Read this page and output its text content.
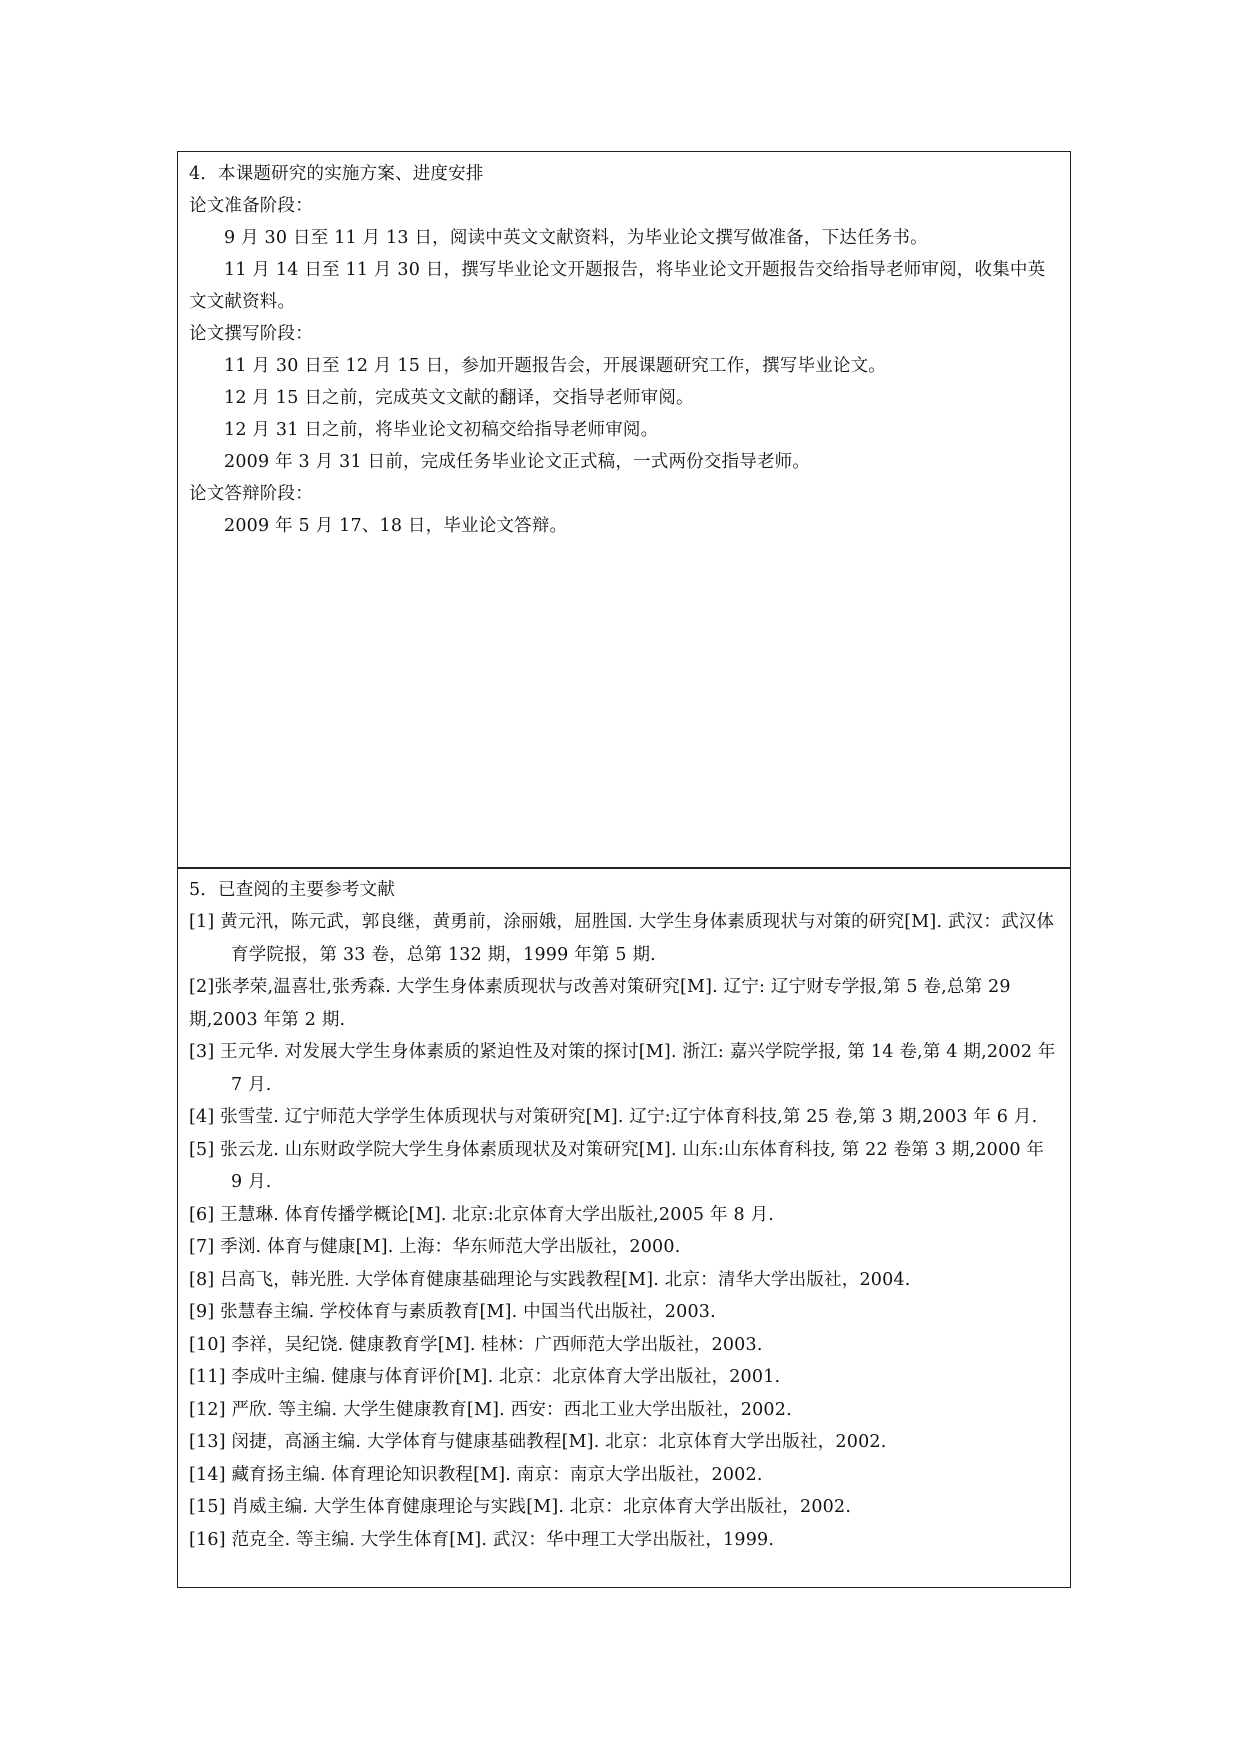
4．本课题研究的实施方案、进度安排
论文准备阶段：
9 月 30 日至 11 月 13 日，阅读中英文文献资料，为毕业论文撰写做准备，下达任务书。
11 月 14 日至 11 月 30 日，撰写毕业论文开题报告，将毕业论文开题报告交给指导老师审阅，收集中英文文献资料。
论文撰写阶段：
11 月 30 日至 12 月 15 日，参加开题报告会，开展课题研究工作，撰写毕业论文。
12 月 15 日之前，完成英文文献的翻译，交指导老师审阅。
12 月 31 日之前，将毕业论文初稿交给指导老师审阅。
2009 年 3 月 31 日前，完成任务毕业论文正式稿，一式两份交指导老师。
论文答辩阶段：
2009 年 5 月 17、18 日，毕业论文答辩。
5．已查阅的主要参考文献
[1] 黄元汛，陈元武，郭良继，黄勇前，涂丽娥，屈胜国. 大学生身体素质现状与对策的研究[M]. 武汉：武汉体育学院报，第 33 卷，总第 132 期，1999 年第 5 期.
[2]张孝荣,温喜壮,张秀森. 大学生身体素质现状与改善对策研究[M]. 辽宁: 辽宁财专学报,第 5 卷,总第 29 期,2003 年第 2 期.
[3] 王元华. 对发展大学生身体素质的紧迫性及对策的探讨[M]. 浙江: 嘉兴学院学报, 第 14 卷,第 4 期,2002 年 7 月.
[4] 张雪莹. 辽宁师范大学学生体质现状与对策研究[M]. 辽宁:辽宁体育科技,第 25 卷,第 3 期,2003 年 6 月.
[5] 张云龙. 山东财政学院大学生身体素质现状及对策研究[M]. 山东:山东体育科技, 第 22 卷第 3 期,2000 年 9 月.
[6] 王慧琳. 体育传播学概论[M]. 北京:北京体育大学出版社,2005 年 8 月.
[7] 季浏. 体育与健康[M]. 上海：华东师范大学出版社，2000.
[8] 吕高飞，韩光胜. 大学体育健康基础理论与实践教程[M]. 北京：清华大学出版社，2004.
[9] 张慧春主编. 学校体育与素质教育[M]. 中国当代出版社，2003.
[10] 李祥，吴纪饶. 健康教育学[M]. 桂林：广西师范大学出版社，2003.
[11] 李成叶主编. 健康与体育评价[M]. 北京：北京体育大学出版社，2001.
[12] 严欣. 等主编. 大学生健康教育[M]. 西安：西北工业大学出版社，2002.
[13] 闵捷，高涵主编. 大学体育与健康基础教程[M]. 北京：北京体育大学出版社，2002.
[14] 藏育扬主编. 体育理论知识教程[M]. 南京：南京大学出版社，2002.
[15] 肖威主编. 大学生体育健康理论与实践[M]. 北京：北京体育大学出版社，2002.
[16] 范克全. 等主编. 大学生体育[M]. 武汉：华中理工大学出版社，1999.
